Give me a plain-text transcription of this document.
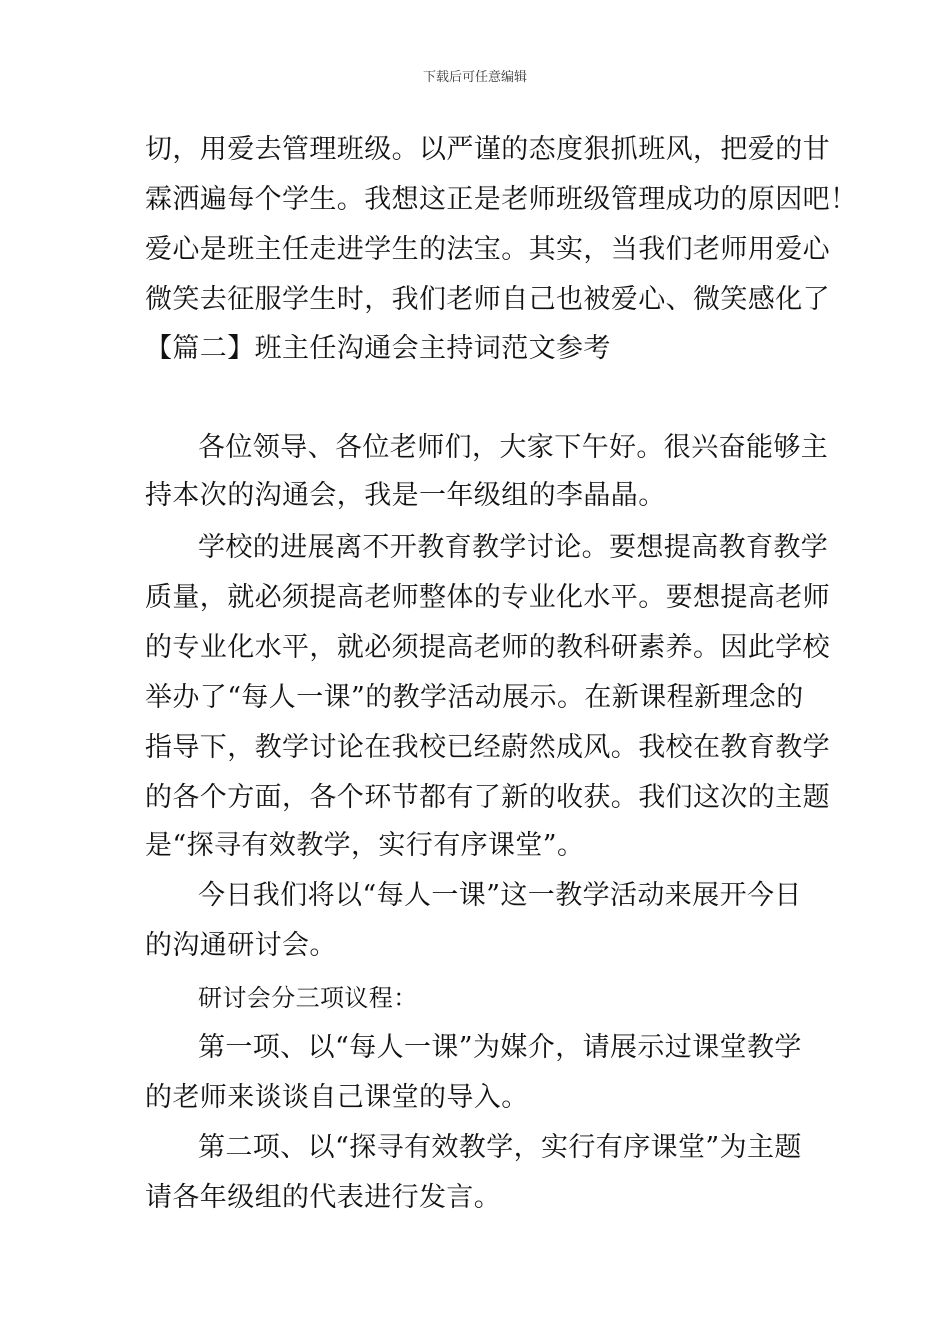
下载后可任意编辑
切，用爱去管理班级。以严谨的态度狠抓班风，把爱的甘
霖洒遍每个学生。我想这正是老师班级管理成功的原因吧！
爱心是班主任走进学生的法宝。其实，当我们老师用爱心
微笑去征服学生时，我们老师自己也被爱心、微笑感化了
【篇二】班主任沟通会主持词范文参考
各位领导、各位老师们，大家下午好。很兴奋能够主
持本次的沟通会，我是一年级组的李晶晶。
学校的进展离不开教育教学讨论。要想提高教育教学
质量，就必须提高老师整体的专业化水平。要想提高老师
的专业化水平，就必须提高老师的教科研素养。因此学校
举办了“每人一课”的教学活动展示。在新课程新理念的
指导下，教学讨论在我校已经蔚然成风。我校在教育教学
的各个方面，各个环节都有了新的收获。我们这次的主题
是“探寻有效教学，实行有序课堂”。
今日我们将以“每人一课”这一教学活动来展开今日
的沟通研讨会。
研讨会分三项议程：
第一项、以“每人一课”为媒介，请展示过课堂教学
的老师来谈谈自己课堂的导入。
第二项、以“探寻有效教学，实行有序课堂”为主题
请各年级组的代表进行发言。
